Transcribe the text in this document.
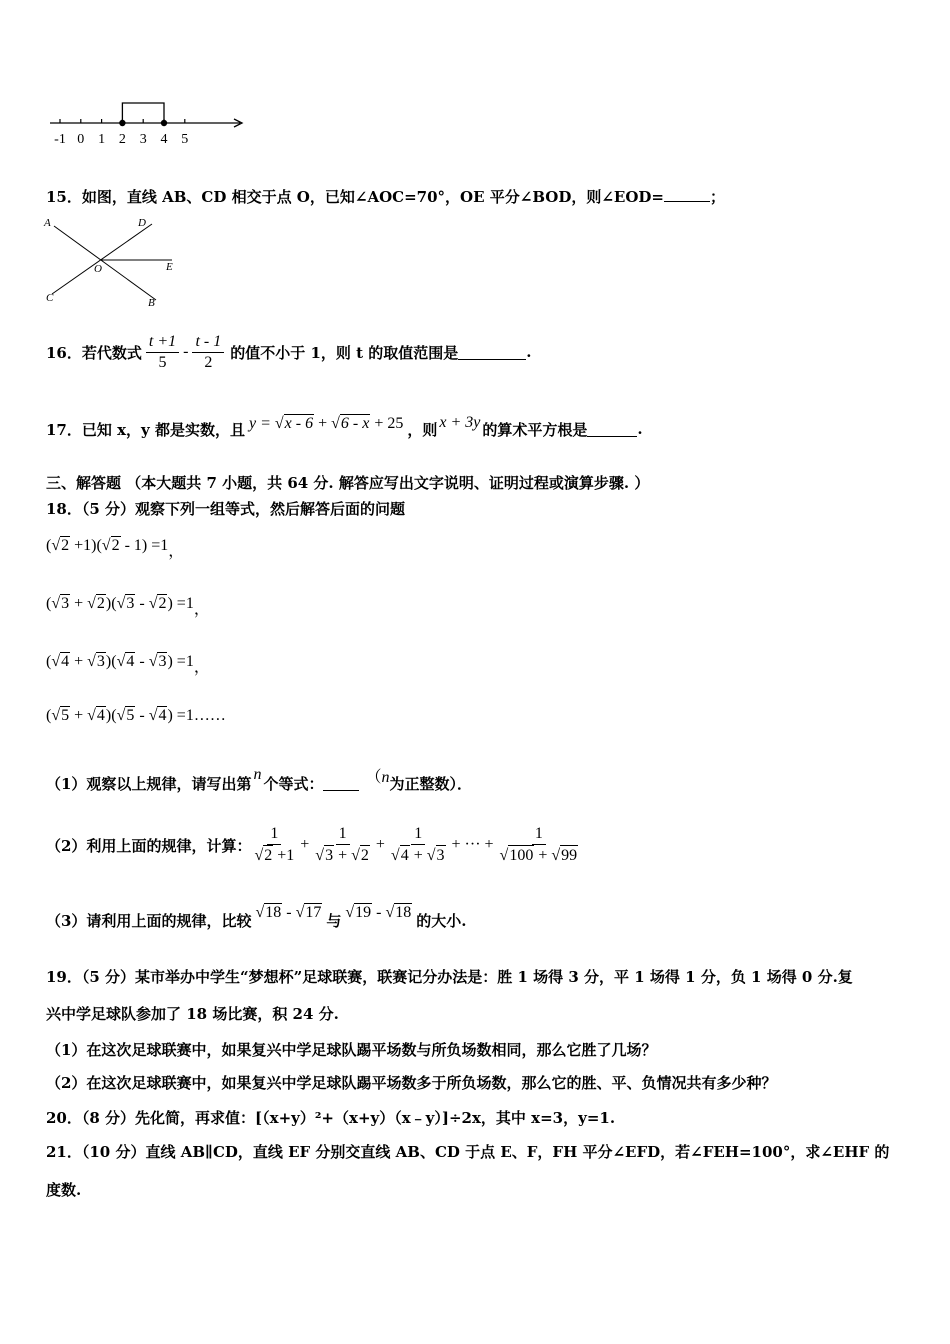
-1 0 1 2 3 4 5
15．如图，直线 AB、CD 相交于点 O，已知∠AOC=70°，OE 平分∠BOD，则∠EOD=	；
A	D
O	E
C	B
16．若代数式 $\frac{t +1}{5} - \frac{t - 1}{2}$ 的值不小于 1，则 t 的取值范围是	.
17．已知 x，y 都是实数，且 y = √x - 6 + √6 - x + 25 ，则 x + 3y 的算术平方根是	.
三、解答题 （本大题共 7 小题，共 64 分. 解答应写出文字说明、证明过程或演算步骤. ）
18．（5 分）观察下列一组等式，然后解答后面的问题
(√2 +1)(√2 - 1) =1，
(√3 + √2)(√3 - √2) =1，
(√4 + √3)(√4 - √3) =1，
(√5 + √4)(√5 - √4) =1……
（1）观察以上规律，请写出第 n 个等式：	（n 为正整数）．
（2）利用上面的规律，计算： $\frac{1}{√2 +1} + \frac{1}{√3 + √2} + \frac{1}{√4 + √3}$ + ··· + $\frac{1}{√100 + √99}$
（3）请利用上面的规律，比较 √18 - √17 与 √19 - √18 的大小.
19．（5 分）某市举办中学生“梦想杯”足球联赛，联赛记分办法是：胜 1 场得 3 分，平 1 场得 1 分，负 1 场得 0 分.复
兴中学足球队参加了 18 场比赛，积 24 分.
（1）在这次足球联赛中，如果复兴中学足球队踢平场数与所负场数相同，那么它胜了几场？
（2）在这次足球联赛中，如果复兴中学足球队踢平场数多于所负场数，那么它的胜、平、负情况共有多少种？
20．（8 分）先化简，再求值：[（x+y）²+（x+y）（x﹣y）]÷2x，其中 x=3，y=1.
21．（10 分）直线 AB∥CD，直线 EF 分别交直线 AB、CD 于点 E、F，FH 平分∠EFD，若∠FEH=100°，求∠EHF 的
度数.
